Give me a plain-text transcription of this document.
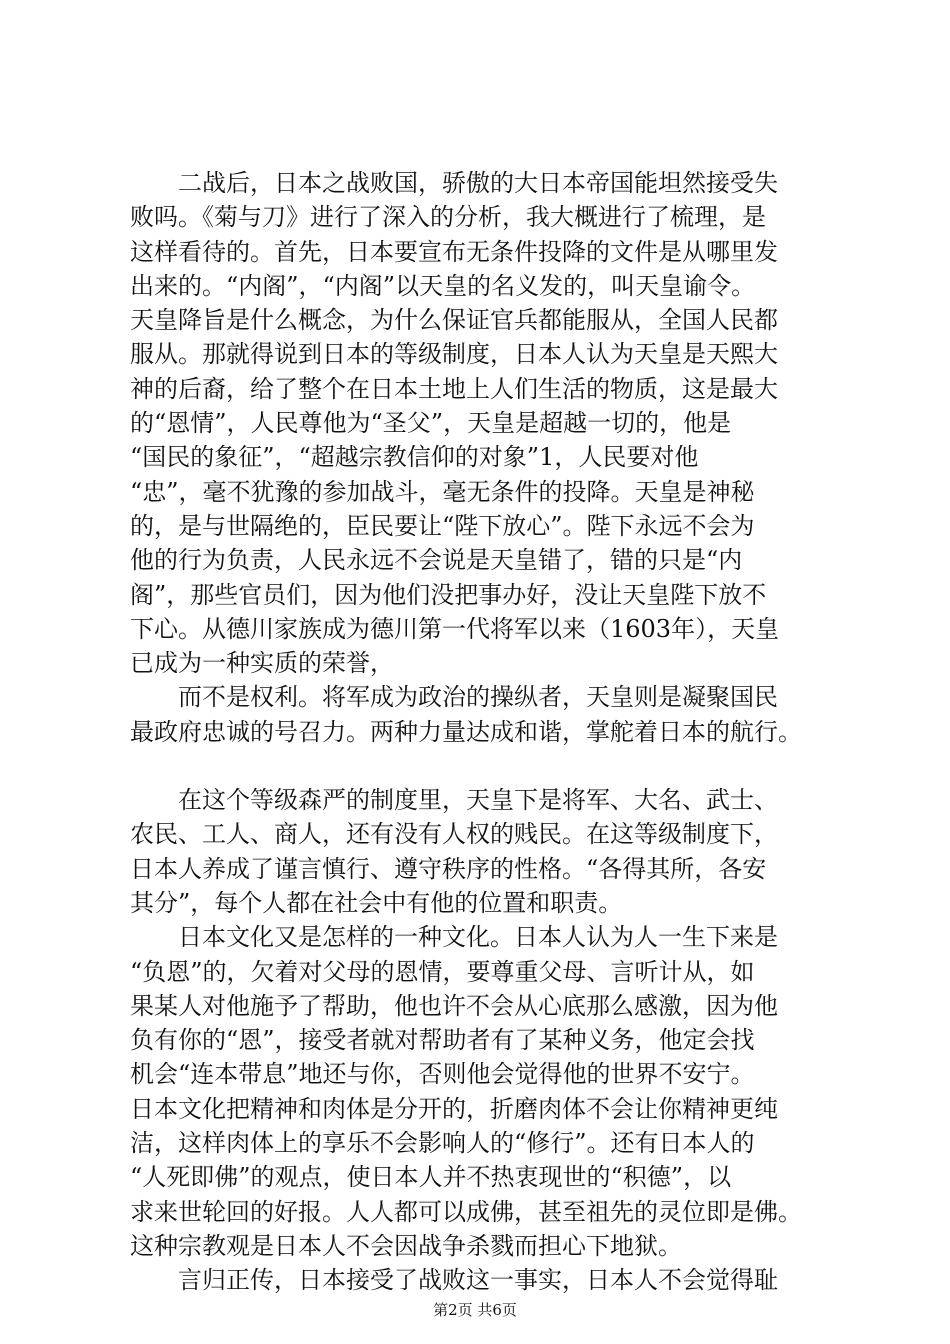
　　二战后，日本之战败国，骄傲的大日本帝国能坦然接受失
败吗。《菊与刀》进行了深入的分析，我大概进行了梳理，是
这样看待的。首先，日本要宣布无条件投降的文件是从哪里发
出来的。“内阁”，“内阁”以天皇的名义发的，叫天皇谕令。
天皇降旨是什么概念，为什么保证官兵都能服从，全国人民都
服从。那就得说到日本的等级制度，日本人认为天皇是天熙大
神的后裔，给了整个在日本土地上人们生活的物质，这是最大
的“恩情”，人民尊他为“圣父”，天皇是超越一切的，他是
“国民的象征”，“超越宗教信仰的对象”1，人民要对他
“忠”，毫不犹豫的参加战斗，毫无条件的投降。天皇是神秘
的，是与世隔绝的，臣民要让“陛下放心”。陛下永远不会为
他的行为负责，人民永远不会说是天皇错了，错的只是“内
阁”，那些官员们，因为他们没把事办好，没让天皇陛下放不
下心。从德川家族成为德川第一代将军以来（1603年），天皇
已成为一种实质的荣誉，
　　而不是权利。将军成为政治的操纵者，天皇则是凝聚国民
最政府忠诚的号召力。两种力量达成和谐，掌舵着日本的航行。
　　在这个等级森严的制度里，天皇下是将军、大名、武士、
农民、工人、商人，还有没有人权的贱民。在这等级制度下，
日本人养成了谨言慎行、遵守秩序的性格。“各得其所，各安
其分”，每个人都在社会中有他的位置和职责。
　　日本文化又是怎样的一种文化。日本人认为人一生下来是
“负恩”的，欠着对父母的恩情，要尊重父母、言听计从，如
果某人对他施予了帮助，他也许不会从心底那么感激，因为他
负有你的“恩”，接受者就对帮助者有了某种义务，他定会找
机会“连本带息”地还与你，否则他会觉得他的世界不安宁。
日本文化把精神和肉体是分开的，折磨肉体不会让你精神更纯
洁，这样肉体上的享乐不会影响人的“修行”。还有日本人的
“人死即佛”的观点，使日本人并不热衷现世的“积德”，以
求来世轮回的好报。人人都可以成佛，甚至祖先的灵位即是佛。
这种宗教观是日本人不会因战争杀戮而担心下地狱。
　　言归正传，日本接受了战败这一事实，日本人不会觉得耻
第2页 共6页
